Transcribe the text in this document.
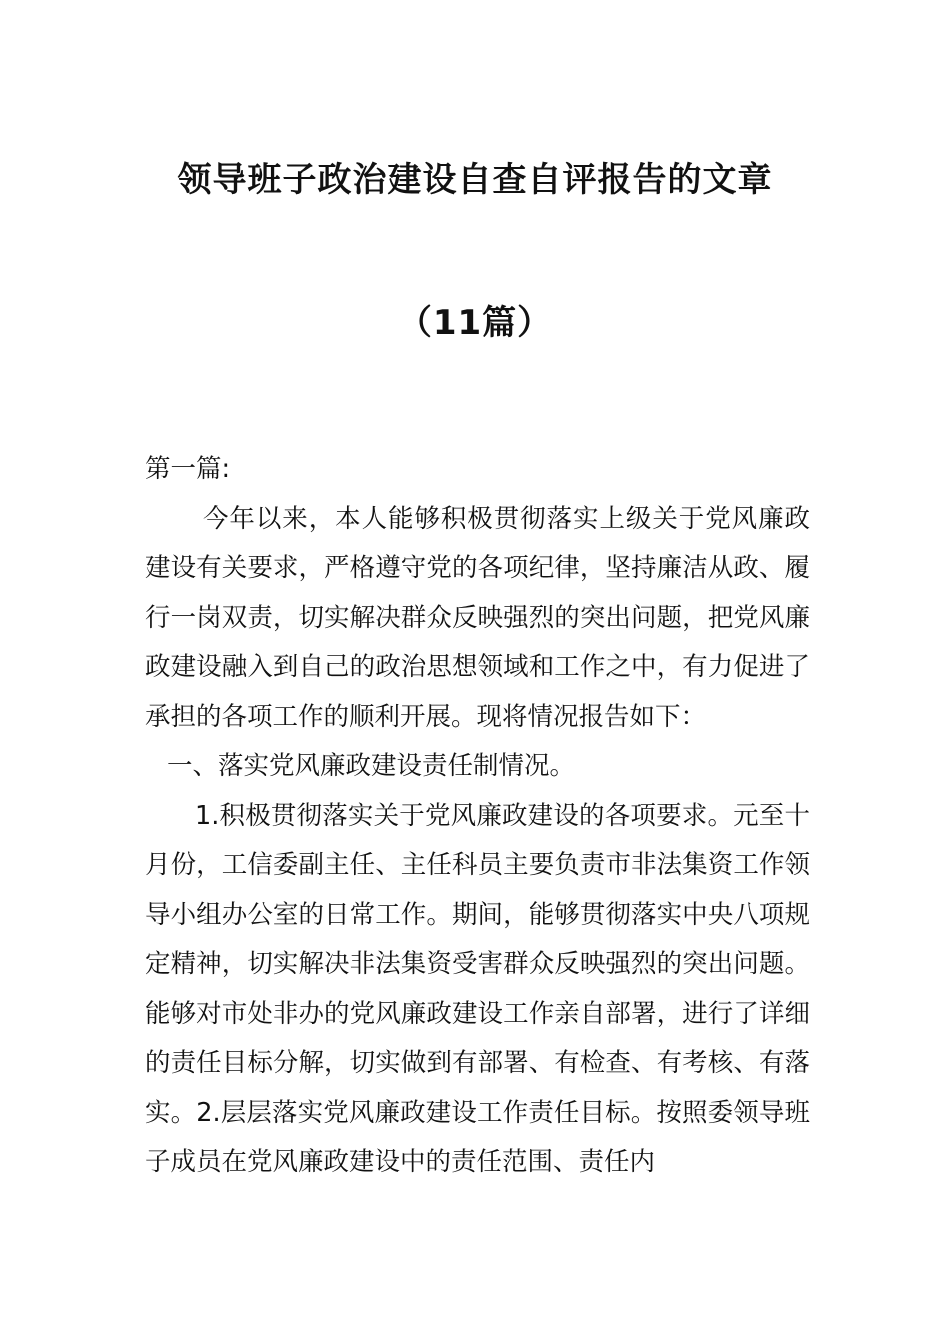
领导班子政治建设自查自评报告的文章
（11篇）

第一篇:

今年以来，本人能够积极贯彻落实上级关于党风廉政建设有关要求，严格遵守党的各项纪律，坚持廉洁从政、履行一岗双责，切实解决群众反映强烈的突出问题，把党风廉政建设融入到自己的政治思想领域和工作之中，有力促进了承担的各项工作的顺利开展。现将情况报告如下：

一、落实党风廉政建设责任制情况。

1.积极贯彻落实关于党风廉政建设的各项要求。元至十月份，工信委副主任、主任科员主要负责市非法集资工作领导小组办公室的日常工作。期间，能够贯彻落实中央八项规定精神，切实解决非法集资受害群众反映强烈的突出问题。能够对市处非办的党风廉政建设工作亲自部署，进行了详细的责任目标分解，切实做到有部署、有检查、有考核、有落实。2.层层落实党风廉政建设工作责任目标。按照委领导班子成员在党风廉政建设中的责任范围、责任内
